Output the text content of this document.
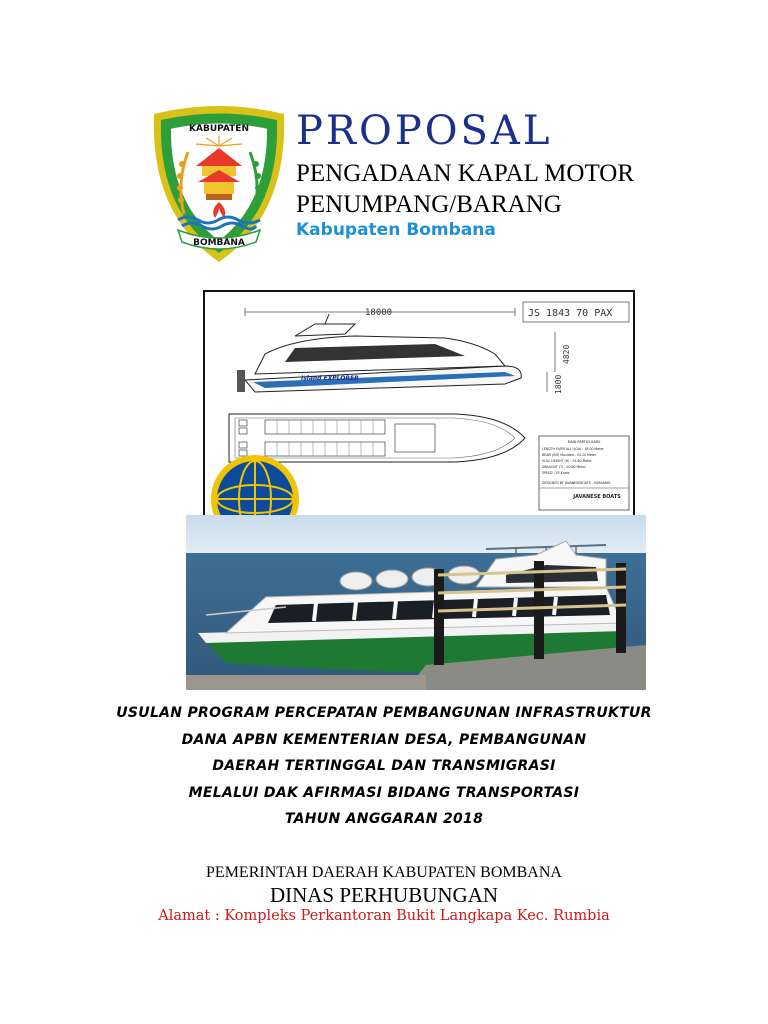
KABUPATEN
BOMBANA
PROPOSAL
PENGADAAN KAPAL MOTOR
PENUMPANG/BARANG
Kabupaten Bombana
18000	JS 1843 70 PAX
Island EXPLORER
4820
1800
MAIN PARTICULARS
LENGTH OVER ALL (LOA) : 18.00 Meter
BEAM (BH) Moulded : 04.20 Meter
HULL HEIGHT (H) : 01.80 Meter
DRAUGHT (T) : 00.80 Meter
SPEED : 25 Knots
DESIGNED BY JAVANESEBOATS - SURABAYA
JAVANESE BOATS
USULAN PROGRAM PERCEPATAN PEMBANGUNAN INFRASTRUKTUR
DANA APBN KEMENTERIAN DESA, PEMBANGUNAN
DAERAH TERTINGGAL DAN TRANSMIGRASI
MELALUI DAK AFIRMASI BIDANG TRANSPORTASI
TAHUN ANGGARAN 2018
PEMERINTAH DAERAH KABUPATEN BOMBANA
DINAS PERHUBUNGAN
Alamat : Kompleks Perkantoran Bukit Langkapa Kec. Rumbia
